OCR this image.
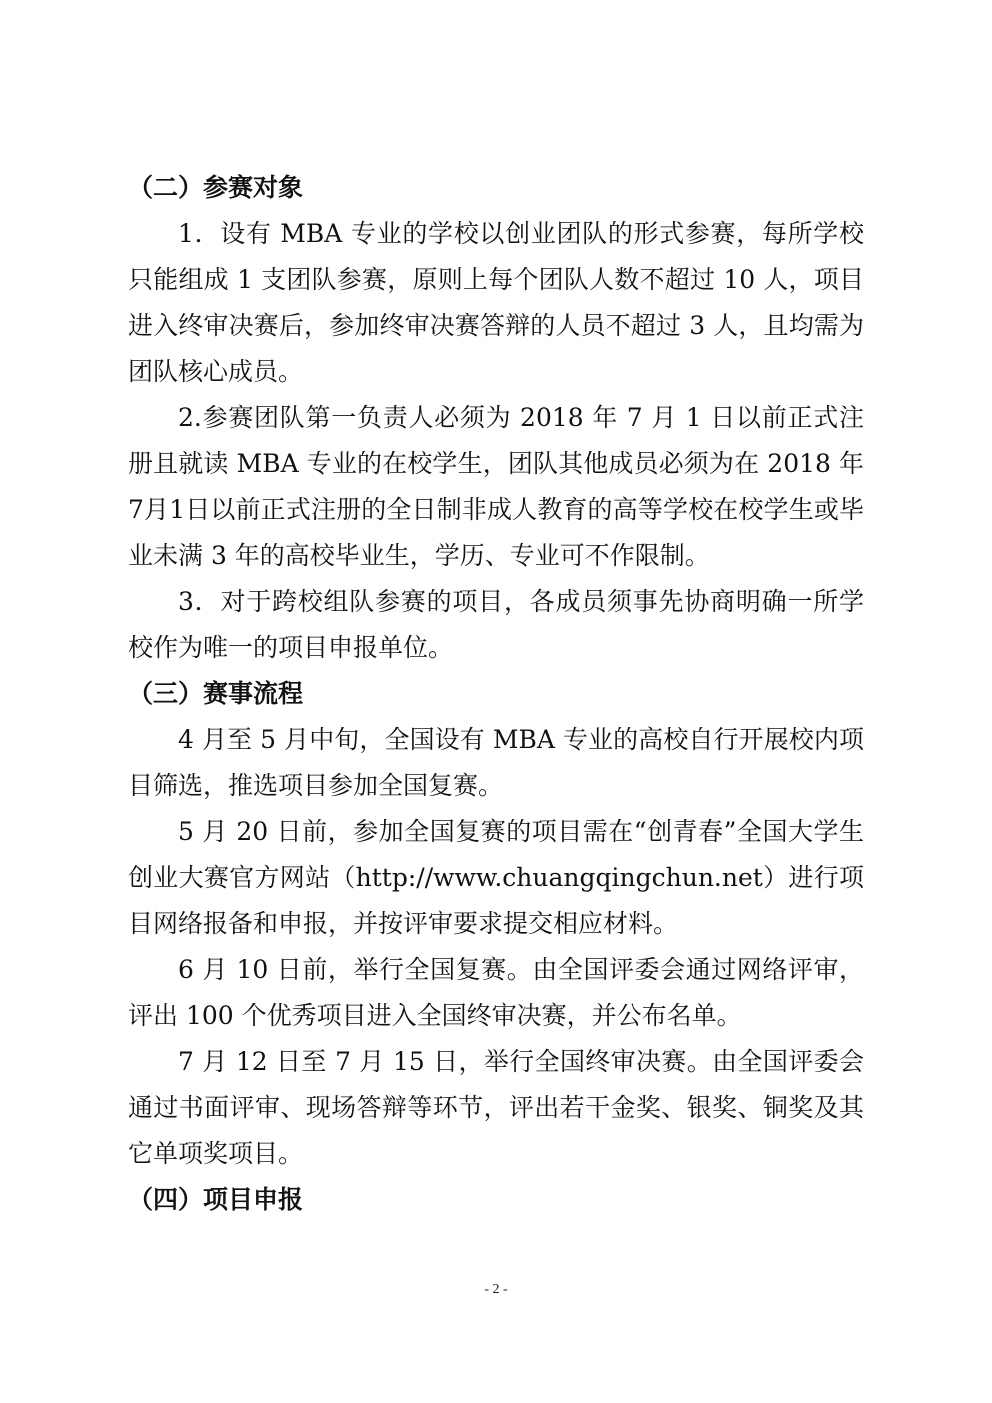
（二）参赛对象

1．设有 MBA 专业的学校以创业团队的形式参赛，每所学校只能组成 1 支团队参赛，原则上每个团队人数不超过 10 人，项目进入终审决赛后，参加终审决赛答辩的人员不超过 3 人，且均需为团队核心成员。

2.参赛团队第一负责人必须为 2018 年 7 月 1 日以前正式注册且就读 MBA 专业的在校学生，团队其他成员必须为在 2018 年7月1日以前正式注册的全日制非成人教育的高等学校在校学生或毕业未满 3 年的高校毕业生，学历、专业可不作限制。

3．对于跨校组队参赛的项目，各成员须事先协商明确一所学校作为唯一的项目申报单位。

（三）赛事流程

4 月至 5 月中旬，全国设有 MBA 专业的高校自行开展校内项目筛选，推选项目参加全国复赛。

5 月 20 日前，参加全国复赛的项目需在“创青春”全国大学生创业大赛官方网站（http://www.chuangqingchun.net）进行项目网络报备和申报，并按评审要求提交相应材料。

6 月 10 日前，举行全国复赛。由全国评委会通过网络评审，评出 100 个优秀项目进入全国终审决赛，并公布名单。

7 月 12 日至 7 月 15 日，举行全国终审决赛。由全国评委会通过书面评审、现场答辩等环节，评出若干金奖、银奖、铜奖及其它单项奖项目。

（四）项目申报

- 2 -
